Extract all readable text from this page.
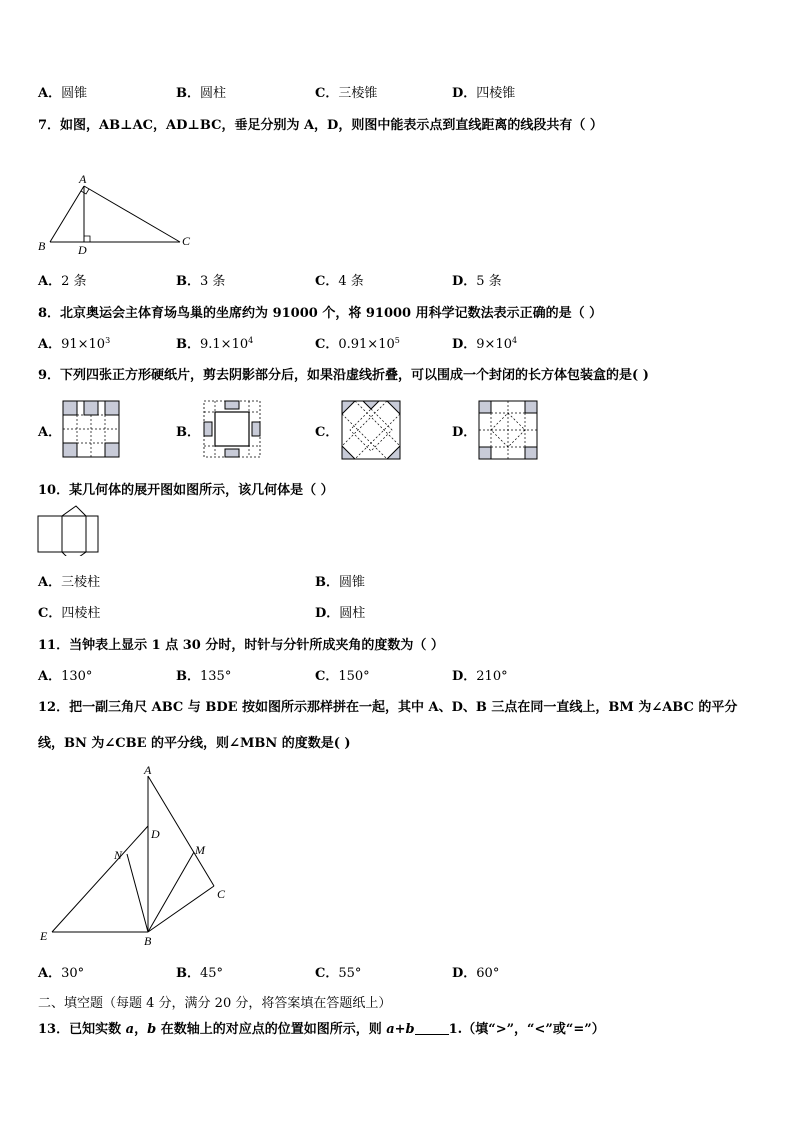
A．圆锥	B．圆柱	C．三棱锥	D．四棱锥
7．如图，AB⊥AC，AD⊥BC，垂足分别为 A，D，则图中能表示点到直线距离的线段共有（ ）
A
B	D
C
A．2 条	B．3 条	C．4 条	D．5 条
8．北京奥运会主体育场鸟巢的坐席约为 91000 个，将 91000 用科学记数法表示正确的是（ ）
A．$91\times 10^3$	B．$9.1\times 10^4$	C．$0.91\times 10^5$	D．$9\times 10^4$
9．下列四张正方形硬纸片，剪去阴影部分后，如果沿虚线折叠，可以围成一个封闭的长方体包装盒的是( )
A．	B．	C．	D．
10．某几何体的展开图如图所示，该几何体是（ ）
A．三棱柱	B．圆锥
C．四棱柱	D．圆柱
11．当钟表上显示 1 点 30 分时，时针与分针所成夹角的度数为（ ）
A．130°	B．135°	C．150°	D．210°
12．把一副三角尺 ABC 与 BDE 按如图所示那样拼在一起，其中 A、D、B 三点在同一直线上，BM 为∠ABC 的平分
线，BN 为∠CBE 的平分线，则∠MBN 的度数是( )
A
D
N	M
C
E	B
A．30°	B．45°	C．55°	D．60°
二、填空题（每题 4 分，满分 20 分，将答案填在答题纸上）
13．已知实数 a，b 在数轴上的对应点的位置如图所示，则 a+b	1.（填“>”，“<”或“=”）
